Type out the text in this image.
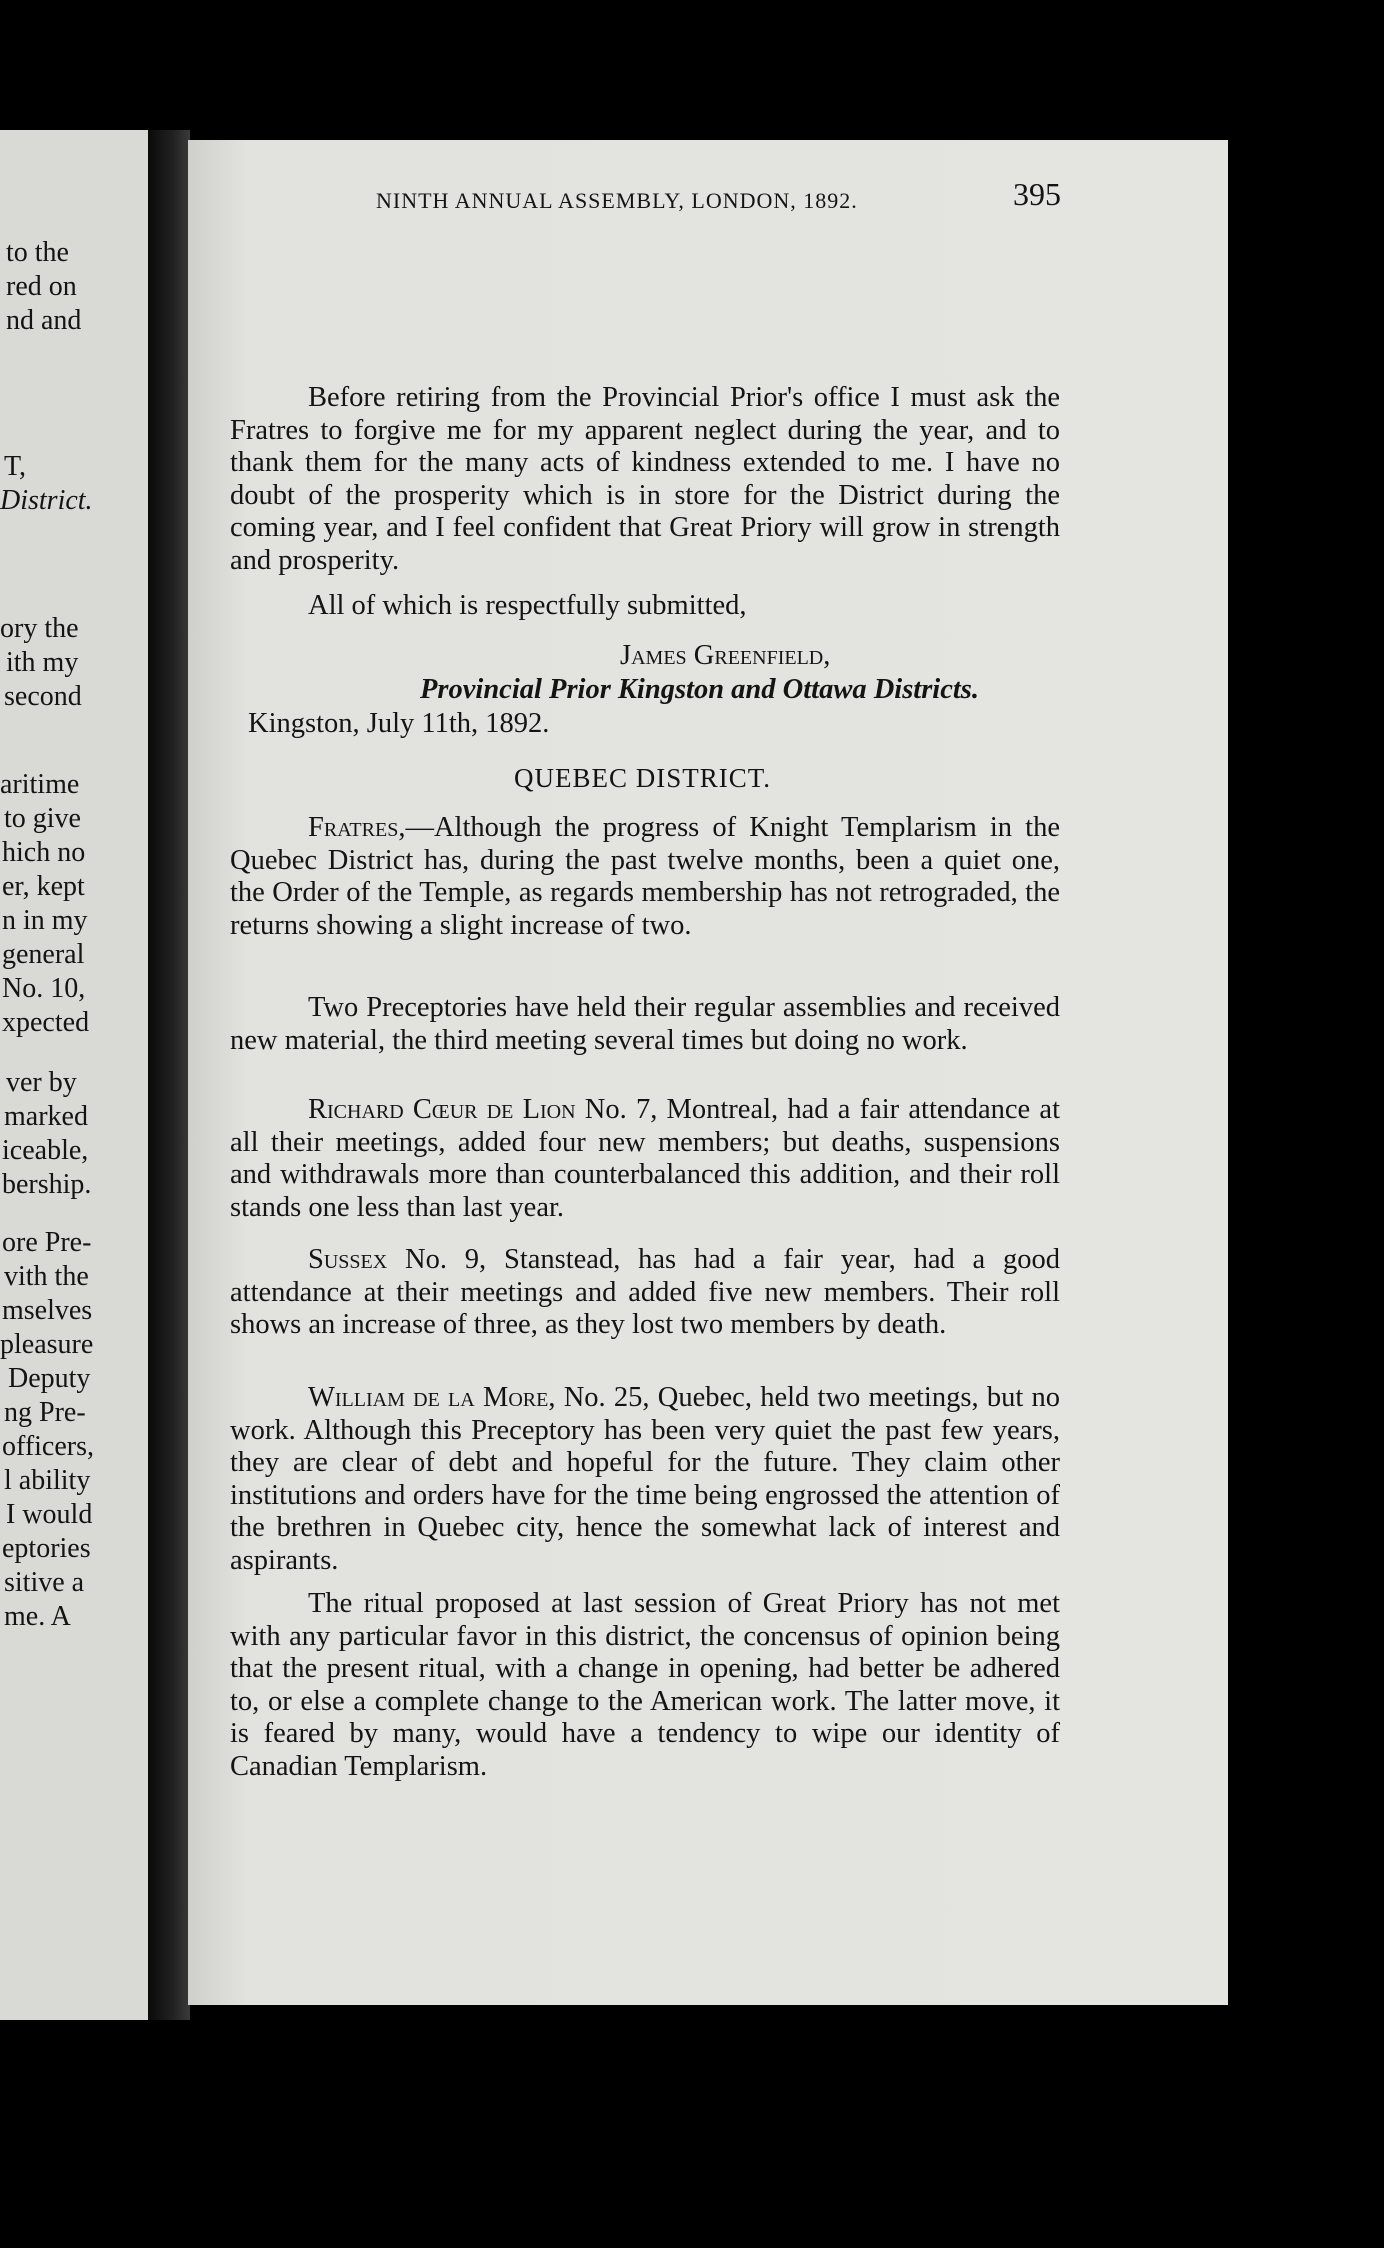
to the
red on
nd and
T,
District.
ory the
ith my
second
aritime
to give
hich no
er, kept
n in my
general
No. 10,
xpected
ver by
marked
iceable,
bership.
ore Pre-
vith the
mselves
pleasure
Deputy
ng Pre-
officers,
l ability
I would
eptories
sitive a
me. A
NINTH ANNUAL ASSEMBLY, LONDON, 1892.	395
Before retiring from the Provincial Prior's office I must ask the Fratres to forgive me for my apparent neglect during the year, and to thank them for the many acts of kindness extended to me. I have no doubt of the prosperity which is in store for the District during the coming year, and I feel confident that Great Priory will grow in strength and prosperity.
All of which is respectfully submitted,
James Greenfield,
Provincial Prior Kingston and Ottawa Districts.
Kingston, July 11th, 1892.
QUEBEC DISTRICT.
Fratres,—Although the progress of Knight Templarism in the Quebec District has, during the past twelve months, been a quiet one, the Order of the Temple, as regards membership has not retrograded, the returns showing a slight increase of two.
Two Preceptories have held their regular assemblies and received new material, the third meeting several times but doing no work.
Richard Cœur de Lion No. 7, Montreal, had a fair attendance at all their meetings, added four new members; but deaths, suspensions and withdrawals more than counterbalanced this addition, and their roll stands one less than last year.
Sussex No. 9, Stanstead, has had a fair year, had a good attendance at their meetings and added five new members. Their roll shows an increase of three, as they lost two members by death.
William de la More, No. 25, Quebec, held two meetings, but no work. Although this Preceptory has been very quiet the past few years, they are clear of debt and hopeful for the future. They claim other institutions and orders have for the time being engrossed the attention of the brethren in Quebec city, hence the somewhat lack of interest and aspirants.
The ritual proposed at last session of Great Priory has not met with any particular favor in this district, the concensus of opinion being that the present ritual, with a change in opening, had better be adhered to, or else a complete change to the American work. The latter move, it is feared by many, would have a tendency to wipe our identity of Canadian Templarism.
